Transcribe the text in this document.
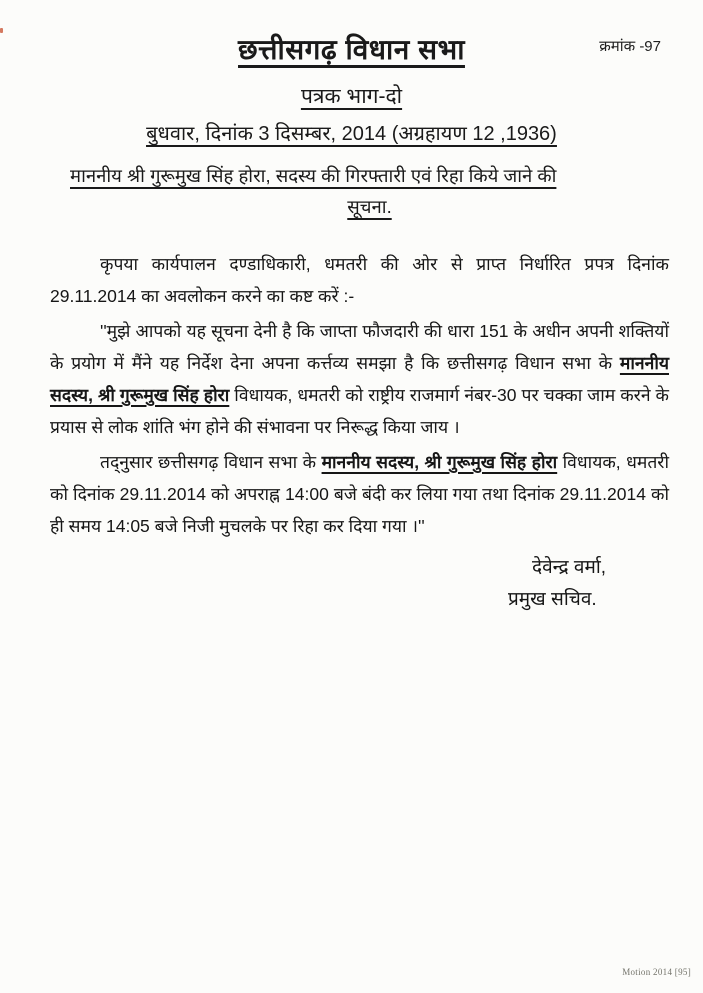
क्रमांक -97
छत्तीसगढ़ विधान सभा
पत्रक भाग-दो
बुधवार, दिनांक 3 दिसम्बर, 2014 (अग्रहायण 12 ,1936)
माननीय श्री गुरूमुख सिंह होरा, सदस्य की गिरफ्तारी एवं रिहा किये जाने की
सूचना.

कृपया कार्यपालन दण्डाधिकारी, धमतरी की ओर से प्राप्त निर्धारित प्रपत्र दिनांक 29.11.2014 का अवलोकन करने का कष्ट करें :-

''मुझे आपको यह सूचना देनी है कि जाप्ता फौजदारी की धारा 151 के अधीन अपनी शक्तियों के प्रयोग में मैंने यह निर्देश देना अपना कर्त्तव्य समझा है कि छत्तीसगढ़ विधान सभा के माननीय सदस्य, श्री गुरूमुख सिंह होरा विधायक, धमतरी को राष्ट्रीय राजमार्ग नंबर-30 पर चक्का जाम करने के प्रयास से लोक शांति भंग होने की संभावना पर निरूद्ध किया जाय ।

तद्नुसार छत्तीसगढ़ विधान सभा के माननीय सदस्य, श्री गुरूमुख सिंह होरा विधायक, धमतरी को दिनांक 29.11.2014 को अपराह्न 14:00 बजे बंदी कर लिया गया तथा दिनांक 29.11.2014 को ही समय 14:05 बजे निजी मुचलके पर रिहा कर दिया गया ।''

देवेन्द्र वर्मा,
प्रमुख सचिव.
Motion 2014 [95]
